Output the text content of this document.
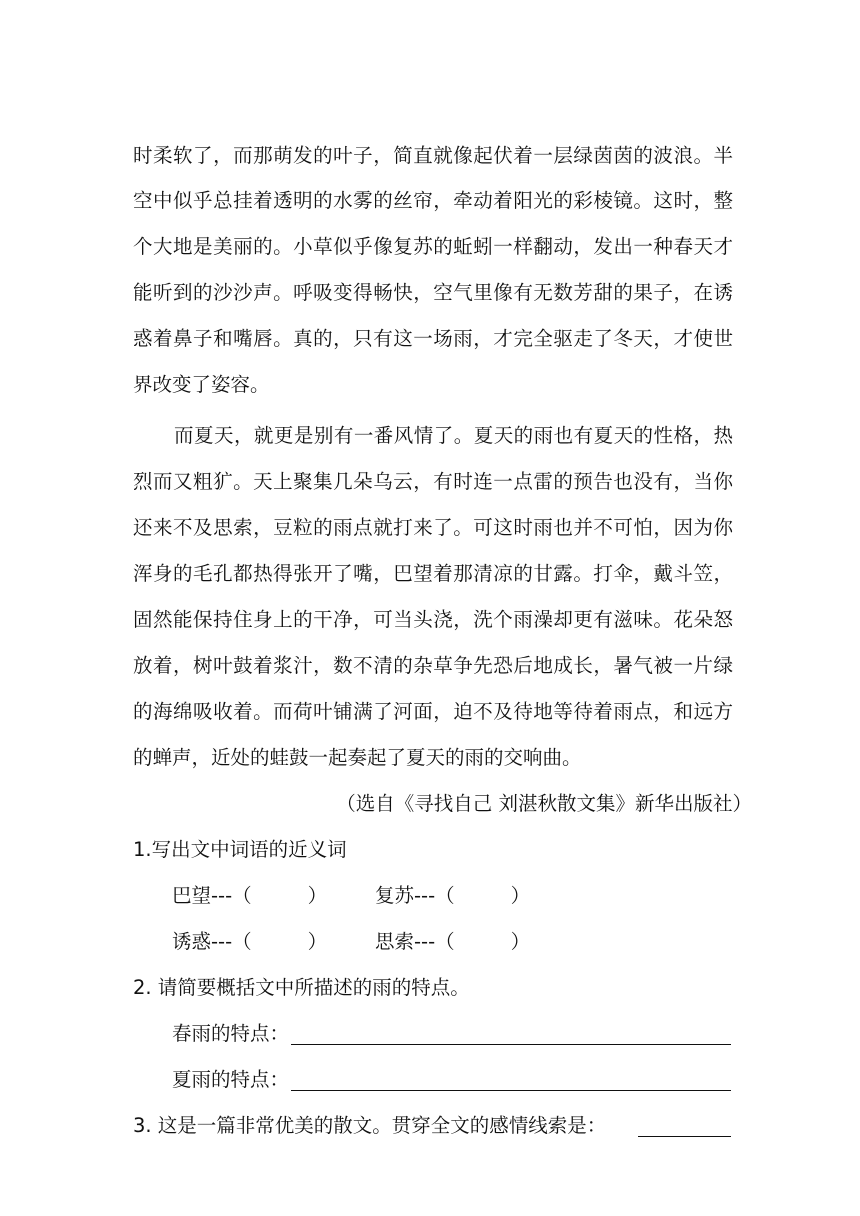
时柔软了，而那萌发的叶子，简直就像起伏着一层绿茵茵的波浪。半
空中似乎总挂着透明的水雾的丝帘，牵动着阳光的彩棱镜。这时，整
个大地是美丽的。小草似乎像复苏的蚯蚓一样翻动，发出一种春天才
能听到的沙沙声。呼吸变得畅快，空气里像有无数芳甜的果子，在诱
惑着鼻子和嘴唇。真的，只有这一场雨，才完全驱走了冬天，才使世
界改变了姿容。
而夏天，就更是别有一番风情了。夏天的雨也有夏天的性格，热
烈而又粗犷。天上聚集几朵乌云，有时连一点雷的预告也没有，当你
还来不及思索，豆粒的雨点就打来了。可这时雨也并不可怕，因为你
浑身的毛孔都热得张开了嘴，巴望着那清凉的甘露。打伞，戴斗笠，
固然能保持住身上的干净，可当头浇，洗个雨澡却更有滋味。花朵怒
放着，树叶鼓着浆汁，数不清的杂草争先恐后地成长，暑气被一片绿
的海绵吸收着。而荷叶铺满了河面，迫不及待地等待着雨点，和远方
的蝉声，近处的蛙鼓一起奏起了夏天的雨的交响曲。
（选自《寻找自己 刘湛秋散文集》新华出版社）
1.写出文中词语的近义词
巴望---（	） 复苏---（	）
诱惑---（	） 思索---（	）
2. 请简要概括文中所描述的雨的特点。
春雨的特点：
夏雨的特点：
3. 这是一篇非常优美的散文。贯穿全文的感情线索是：
